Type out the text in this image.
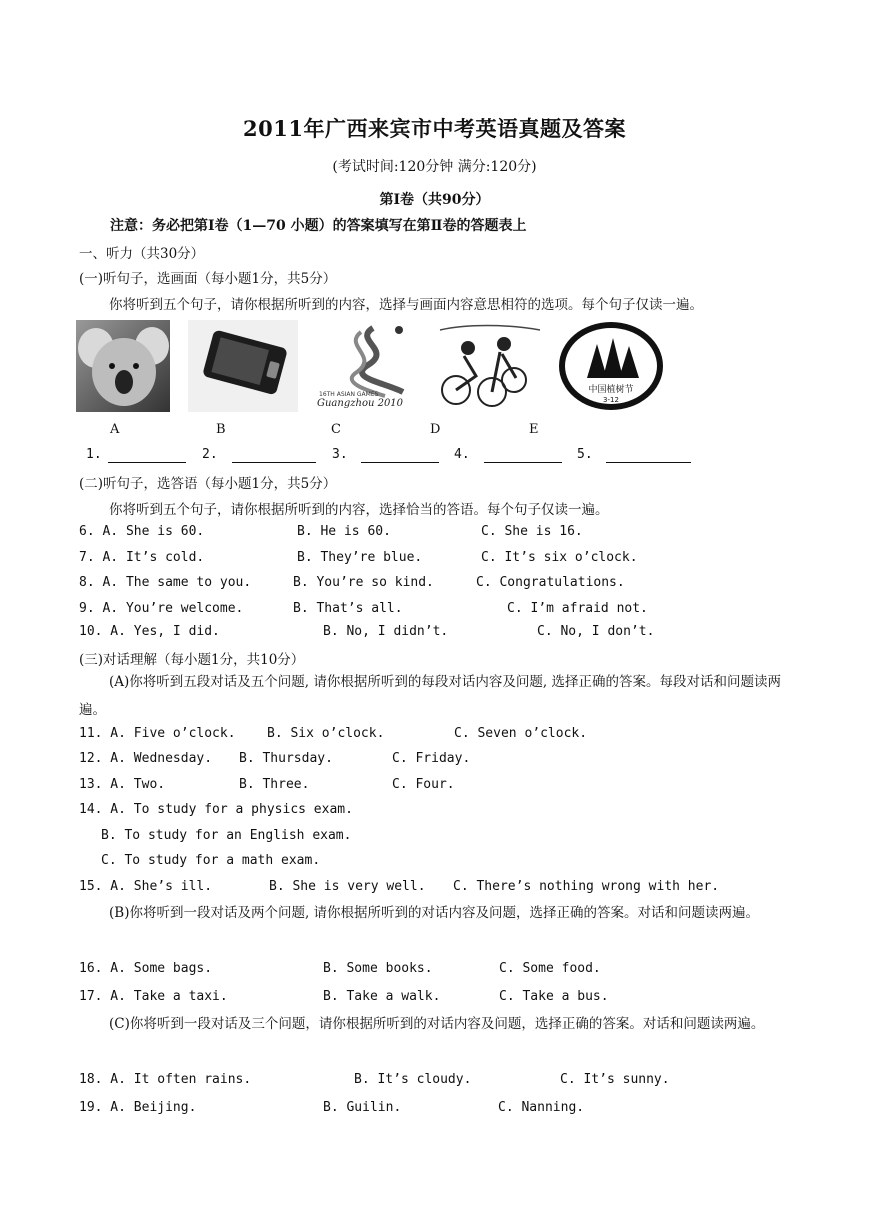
2011年广西来宾市中考英语真题及答案
(考试时间:120分钟 满分:120分)
第Ⅰ卷（共90分）
注意：务必把第Ⅰ卷（1—70 小题）的答案填写在第Ⅱ卷的答题表上
一、听力（共30分）
(一)听句子，选画面（每小题1分，共5分）
你将听到五个句子，请你根据所听到的内容，选择与画面内容意思相符的选项。每个句子仅读一遍。
16TH ASIAN GAMES
Guangzhou 2010
中国植树节
3-12
A	B	C	D	E
1.	2.	3.	4.	5.
(二)听句子，选答语（每小题1分，共5分）
你将听到五个句子，请你根据所听到的内容，选择恰当的答语。每个句子仅读一遍。
6. A. She is 60.	B. He is 60.	C. She is 16.
7. A. It’s cold.	B. They’re blue.	C. It’s six o’clock.
8. A. The same to you.	B. You’re so kind.	C. Congratulations.
9. A. You’re welcome.	B. That’s all.	C. I’m afraid not.
10. A. Yes, I did.	B. No, I didn’t.	C. No, I don’t.
(三)对话理解（每小题1分，共10分）
(A)你将听到五段对话及五个问题, 请你根据所听到的每段对话内容及问题, 选择正确的答案。每段对话和问题读两遍。
11. A. Five o’clock. B. Six o’clock.	C. Seven o’clock.
12. A. Wednesday. B. Thursday.	C. Friday.
13. A. Two.	B. Three.	C. Four.
14. A. To study for a physics exam.
B. To study for an English exam.
C. To study for a math exam.
15. A. She’s ill.	B. She is very well. C. There’s nothing wrong with her.
(B)你将听到一段对话及两个问题, 请你根据所听到的对话内容及问题，选择正确的答案。对话和问题读两遍。
16. A. Some bags.	B. Some books.	C. Some food.
17. A. Take a taxi.	B. Take a walk.	C. Take a bus.
(C)你将听到一段对话及三个问题，请你根据所听到的对话内容及问题，选择正确的答案。对话和问题读两遍。
18. A. It often rains.	B. It’s cloudy.	C. It’s sunny.
19. A. Beijing.	B. Guilin.	C. Nanning.
